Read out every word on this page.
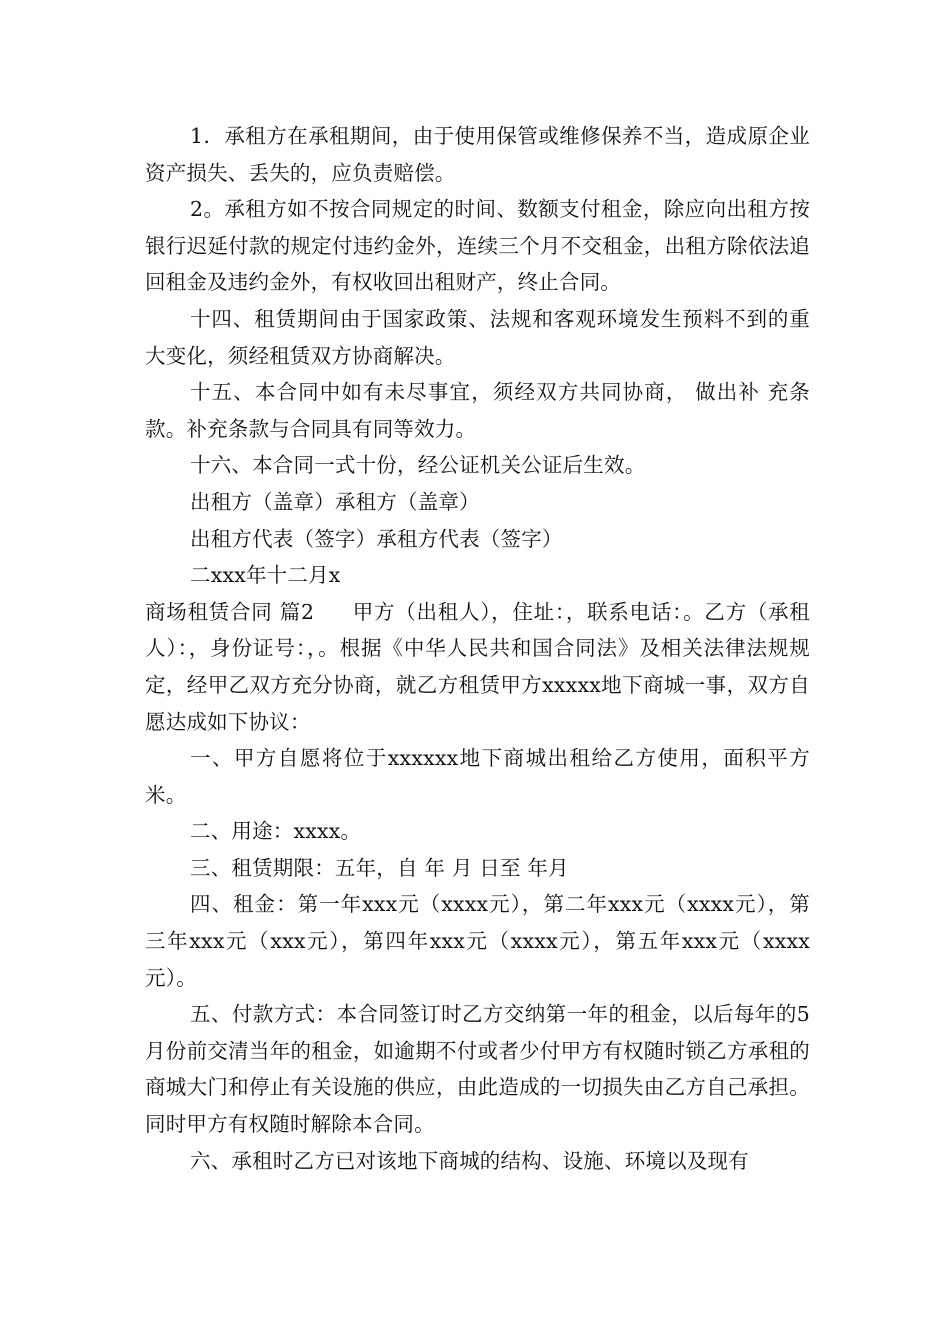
1．承租方在承租期间，由于使用保管或维修保养不当，造成原企业资产损失、丢失的，应负责赔偿。

2。承租方如不按合同规定的时间、数额支付租金，除应向出租方按银行迟延付款的规定付违约金外，连续三个月不交租金，出租方除依法追回租金及违约金外，有权收回出租财产，终止合同。

十四、租赁期间由于国家政策、法规和客观环境发生预料不到的重大变化，须经租赁双方协商解决。

十五、本合同中如有未尽事宜，须经双方共同协商， 做出补 充条款。补充条款与合同具有同等效力。

十六、本合同一式十份，经公证机关公证后生效。

出租方（盖章）承租方（盖章）

出租方代表（签字）承租方代表（签字）

二xxx年十二月x

商场租赁合同 篇2 甲方（出租人），住址：，联系电话：。乙方（承租人）：，身份证号：，。根据《中华人民共和国合同法》及相关法律法规规定，经甲乙双方充分协商，就乙方租赁甲方xxxxx地下商城一事，双方自愿达成如下协议：

一、甲方自愿将位于xxxxxx地下商城出租给乙方使用，面积平方米。

二、用途：xxxx。

三、租赁期限：五年，自 年 月 日至 年月

四、租金：第一年xxx元（xxxx元），第二年xxx元（xxxx元），第三年xxx元（xxx元），第四年xxx元（xxxx元），第五年xxx元（xxxx元）。

五、付款方式：本合同签订时乙方交纳第一年的租金，以后每年的5月份前交清当年的租金，如逾期不付或者少付甲方有权随时锁乙方承租的商城大门和停止有关设施的供应，由此造成的一切损失由乙方自己承担。同时甲方有权随时解除本合同。

六、承租时乙方已对该地下商城的结构、设施、环境以及现有
